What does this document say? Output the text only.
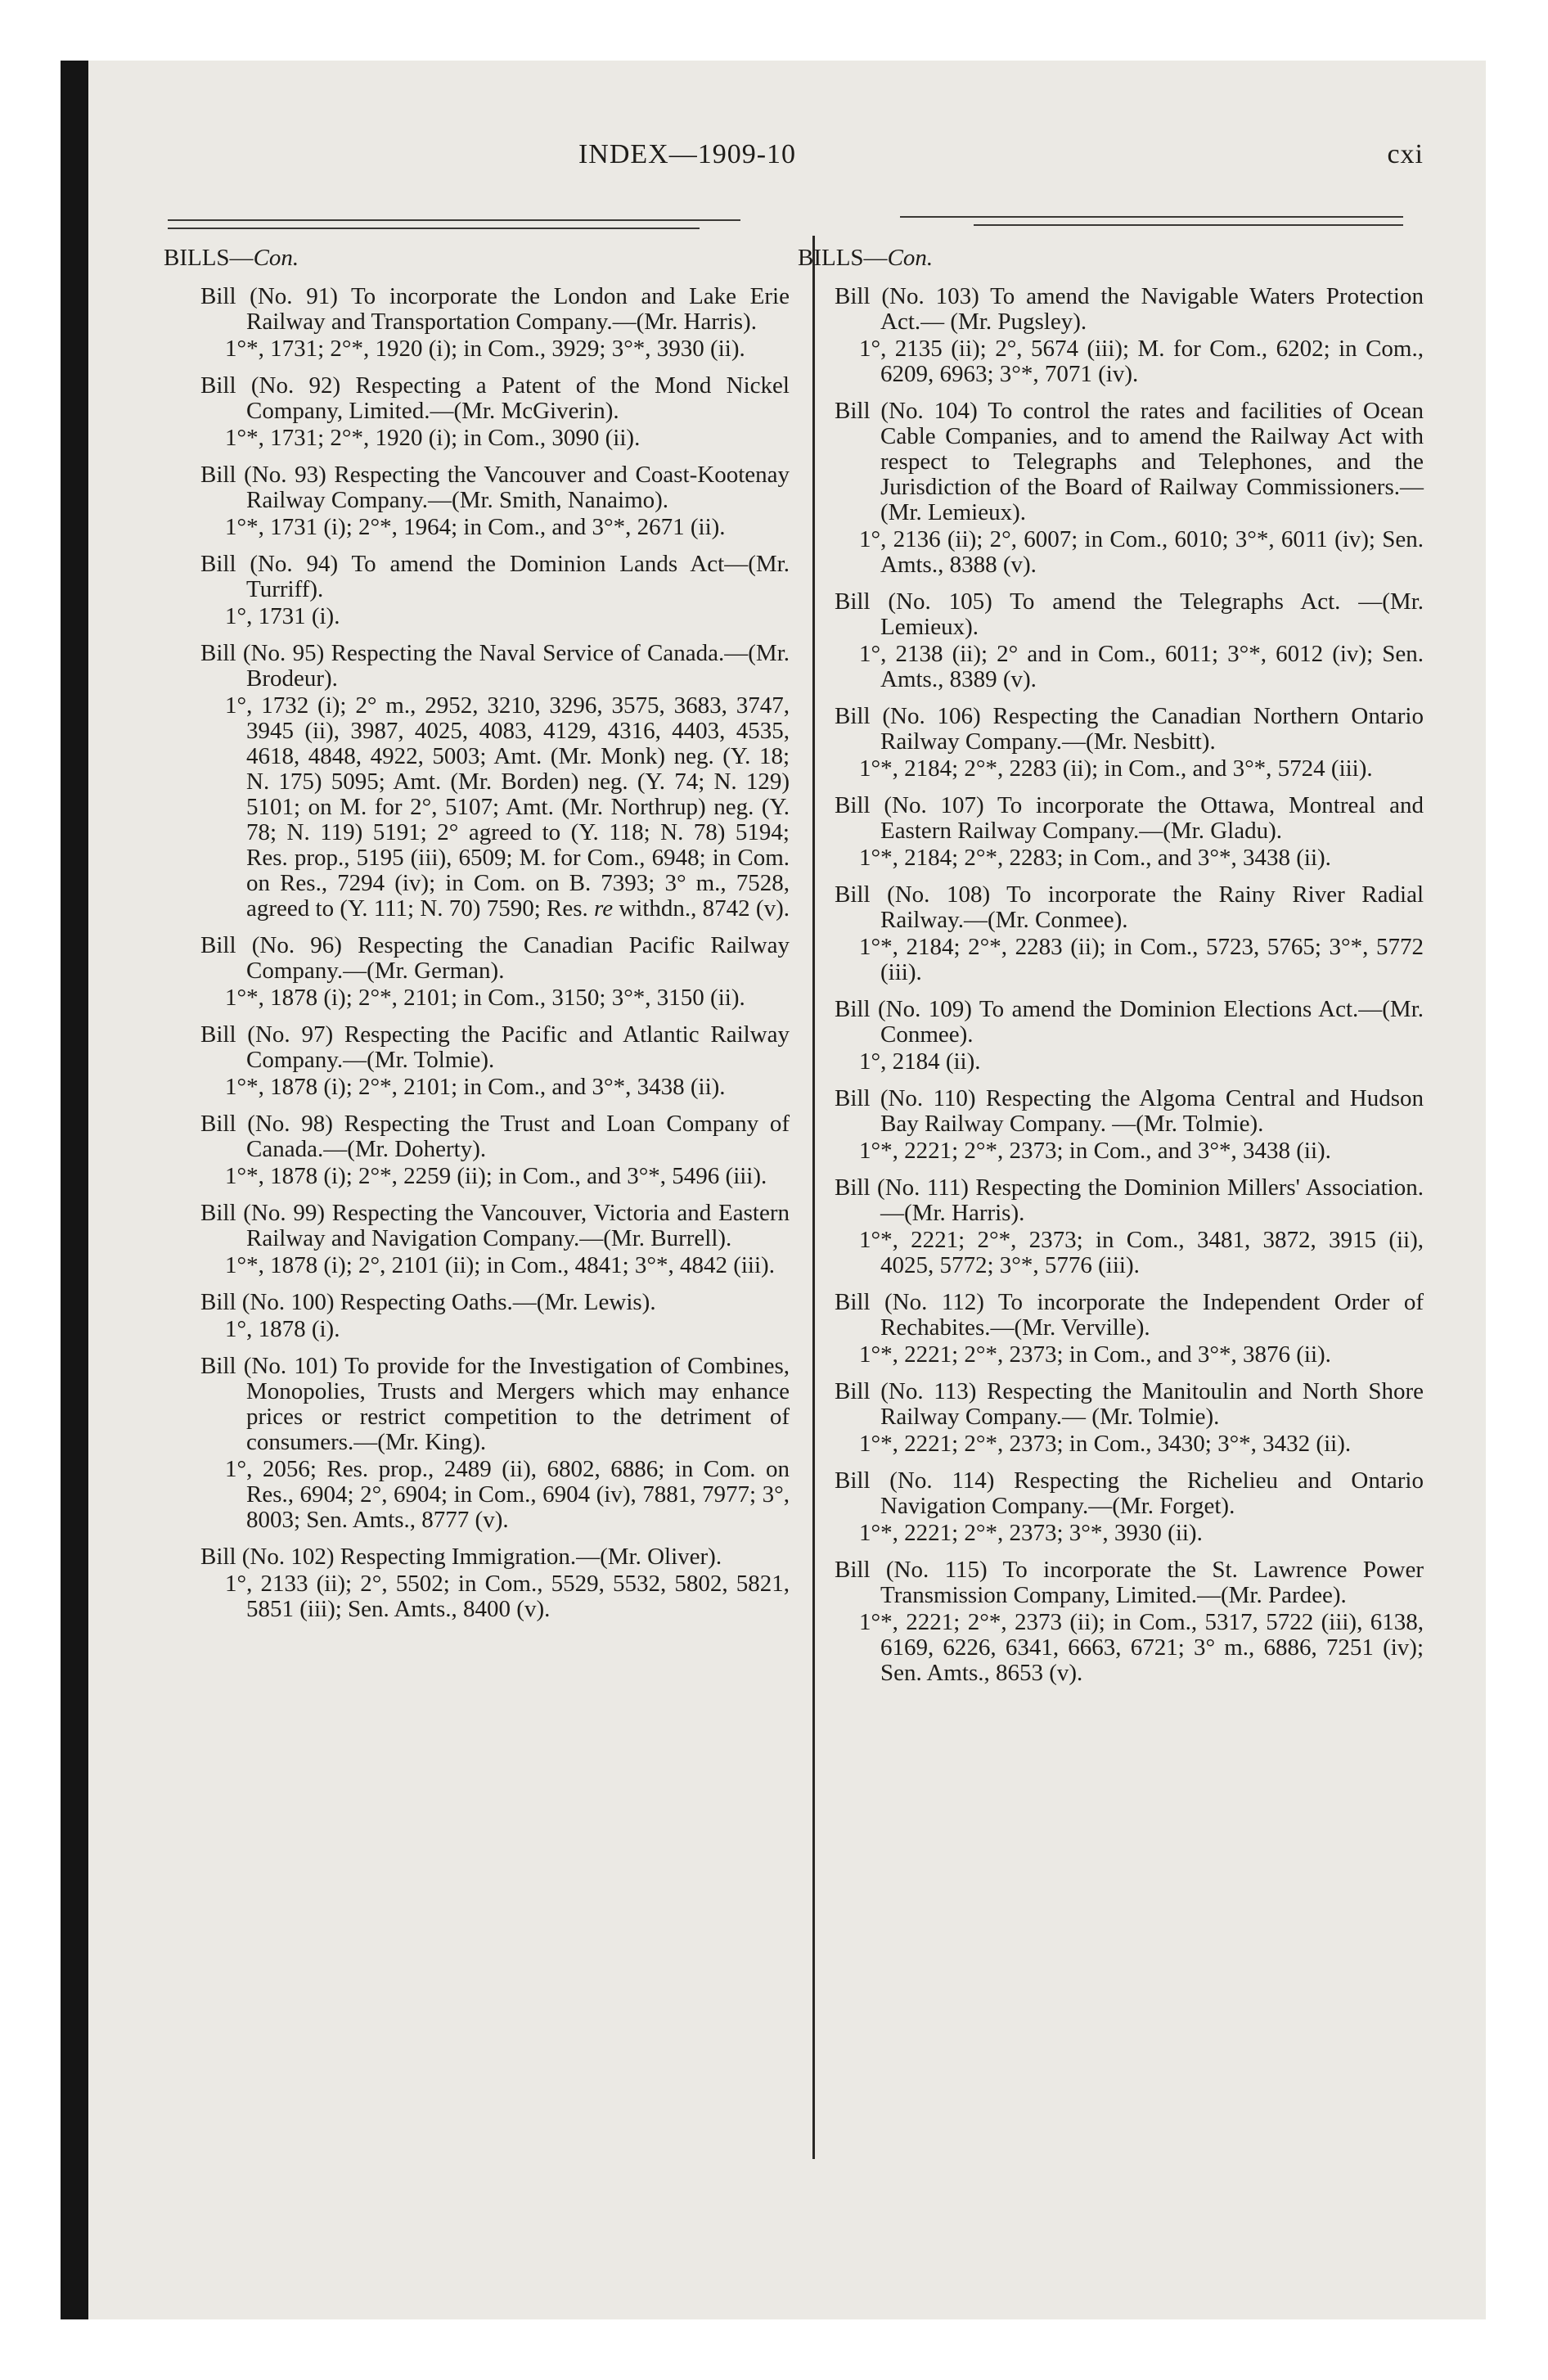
INDEX—1909-10	cxi
BILLS—Con.

Bill (No. 91) To incorporate the London and Lake Erie Railway and Transportation Company.—(Mr. Harris).

1°*, 1731; 2°*, 1920 (i); in Com., 3929; 3°*, 3930 (ii).

Bill (No. 92) Respecting a Patent of the Mond Nickel Company, Limited.—(Mr. McGiverin).

1°*, 1731; 2°*, 1920 (i); in Com., 3090 (ii).

Bill (No. 93) Respecting the Vancouver and Coast-Kootenay Railway Company.—(Mr. Smith, Nanaimo).

1°*, 1731 (i); 2°*, 1964; in Com., and 3°*, 2671 (ii).

Bill (No. 94) To amend the Dominion Lands Act—(Mr. Turriff).

1°, 1731 (i).

Bill (No. 95) Respecting the Naval Service of Canada.—(Mr. Brodeur).

1°, 1732 (i); 2° m., 2952, 3210, 3296, 3575, 3683, 3747, 3945 (ii), 3987, 4025, 4083, 4129, 4316, 4403, 4535, 4618, 4848, 4922, 5003; Amt. (Mr. Monk) neg. (Y. 18; N. 175) 5095; Amt. (Mr. Borden) neg. (Y. 74; N. 129) 5101; on M. for 2°, 5107; Amt. (Mr. Northrup) neg. (Y. 78; N. 119) 5191; 2° agreed to (Y. 118; N. 78) 5194; Res. prop., 5195 (iii), 6509; M. for Com., 6948; in Com. on Res., 7294 (iv); in Com. on B. 7393; 3° m., 7528, agreed to (Y. 111; N. 70) 7590; Res. re withdn., 8742 (v).

Bill (No. 96) Respecting the Canadian Pacific Railway Company.—(Mr. German).

1°*, 1878 (i); 2°*, 2101; in Com., 3150; 3°*, 3150 (ii).

Bill (No. 97) Respecting the Pacific and Atlantic Railway Company.—(Mr. Tolmie).

1°*, 1878 (i); 2°*, 2101; in Com., and 3°*, 3438 (ii).

Bill (No. 98) Respecting the Trust and Loan Company of Canada.—(Mr. Doherty).

1°*, 1878 (i); 2°*, 2259 (ii); in Com., and 3°*, 5496 (iii).

Bill (No. 99) Respecting the Vancouver, Victoria and Eastern Railway and Navigation Company.—(Mr. Burrell).

1°*, 1878 (i); 2°, 2101 (ii); in Com., 4841; 3°*, 4842 (iii).

Bill (No. 100) Respecting Oaths.—(Mr. Lewis).

1°, 1878 (i).

Bill (No. 101) To provide for the Investigation of Combines, Monopolies, Trusts and Mergers which may enhance prices or restrict competition to the detriment of consumers.—(Mr. King).

1°, 2056; Res. prop., 2489 (ii), 6802, 6886; in Com. on Res., 6904; 2°, 6904; in Com., 6904 (iv), 7881, 7977; 3°, 8003; Sen. Amts., 8777 (v).

Bill (No. 102) Respecting Immigration.—(Mr. Oliver).

1°, 2133 (ii); 2°, 5502; in Com., 5529, 5532, 5802, 5821, 5851 (iii); Sen. Amts., 8400 (v).

BILLS—Con.

Bill (No. 103) To amend the Navigable Waters Protection Act.— (Mr. Pugsley).

1°, 2135 (ii); 2°, 5674 (iii); M. for Com., 6202; in Com., 6209, 6963; 3°*, 7071 (iv).

Bill (No. 104) To control the rates and facilities of Ocean Cable Companies, and to amend the Railway Act with respect to Telegraphs and Telephones, and the Jurisdiction of the Board of Railway Commissioners.—(Mr. Lemieux).

1°, 2136 (ii); 2°, 6007; in Com., 6010; 3°*, 6011 (iv); Sen. Amts., 8388 (v).

Bill (No. 105) To amend the Telegraphs Act. —(Mr. Lemieux).

1°, 2138 (ii); 2° and in Com., 6011; 3°*, 6012 (iv); Sen. Amts., 8389 (v).

Bill (No. 106) Respecting the Canadian Northern Ontario Railway Company.—(Mr. Nesbitt).

1°*, 2184; 2°*, 2283 (ii); in Com., and 3°*, 5724 (iii).

Bill (No. 107) To incorporate the Ottawa, Montreal and Eastern Railway Company.—(Mr. Gladu).

1°*, 2184; 2°*, 2283; in Com., and 3°*, 3438 (ii).

Bill (No. 108) To incorporate the Rainy River Radial Railway.—(Mr. Conmee).

1°*, 2184; 2°*, 2283 (ii); in Com., 5723, 5765; 3°*, 5772 (iii).

Bill (No. 109) To amend the Dominion Elections Act.—(Mr. Conmee).

1°, 2184 (ii).

Bill (No. 110) Respecting the Algoma Central and Hudson Bay Railway Company. —(Mr. Tolmie).

1°*, 2221; 2°*, 2373; in Com., and 3°*, 3438 (ii).

Bill (No. 111) Respecting the Dominion Millers' Association.—(Mr. Harris).

1°*, 2221; 2°*, 2373; in Com., 3481, 3872, 3915 (ii), 4025, 5772; 3°*, 5776 (iii).

Bill (No. 112) To incorporate the Independent Order of Rechabites.—(Mr. Verville).

1°*, 2221; 2°*, 2373; in Com., and 3°*, 3876 (ii).

Bill (No. 113) Respecting the Manitoulin and North Shore Railway Company.— (Mr. Tolmie).

1°*, 2221; 2°*, 2373; in Com., 3430; 3°*, 3432 (ii).

Bill (No. 114) Respecting the Richelieu and Ontario Navigation Company.—(Mr. Forget).

1°*, 2221; 2°*, 2373; 3°*, 3930 (ii).

Bill (No. 115) To incorporate the St. Lawrence Power Transmission Company, Limited.—(Mr. Pardee).

1°*, 2221; 2°*, 2373 (ii); in Com., 5317, 5722 (iii), 6138, 6169, 6226, 6341, 6663, 6721; 3° m., 6886, 7251 (iv); Sen. Amts., 8653 (v).
